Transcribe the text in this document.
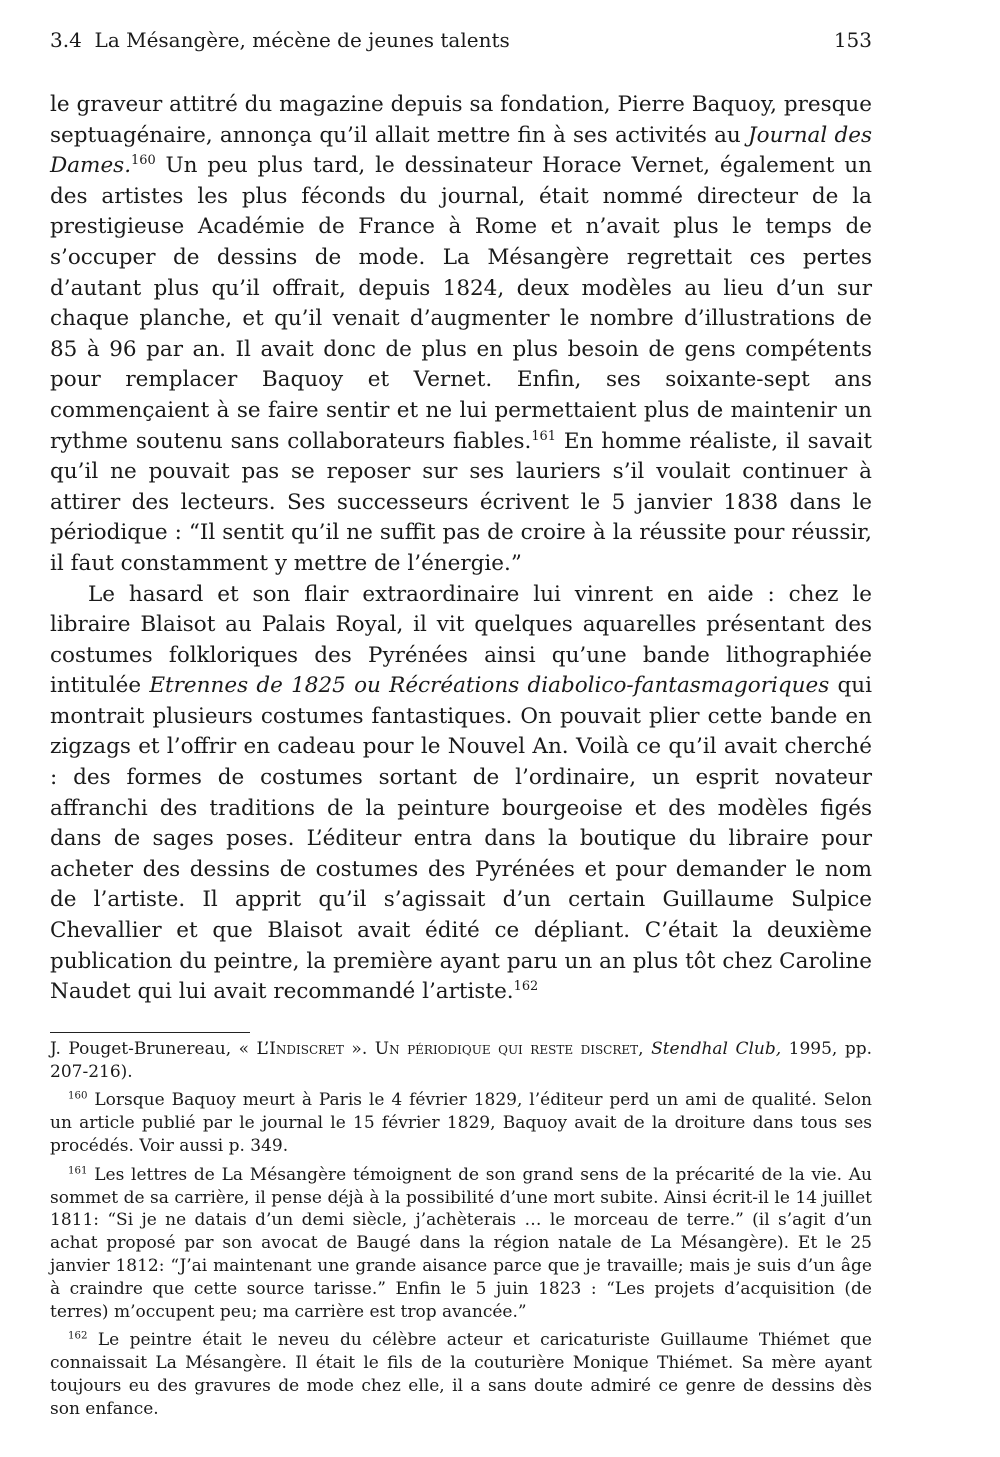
3.4 La Mésangère, mécène de jeunes talents	153

le graveur attitré du magazine depuis sa fondation, Pierre Baquoy, presque septuagénaire, annonça qu’il allait mettre fin à ses activités au Journal des Dames.$^{160}$ Un peu plus tard, le dessinateur Horace Vernet, également un des artistes les plus féconds du journal, était nommé directeur de la prestigieuse Académie de France à Rome et n’avait plus le temps de s’occuper de dessins de mode. La Mésangère regrettait ces pertes d’autant plus qu’il offrait, depuis 1824, deux modèles au lieu d’un sur chaque planche, et qu’il venait d’augmenter le nombre d’illustrations de 85 à 96 par an. Il avait donc de plus en plus besoin de gens compétents pour remplacer Baquoy et Vernet. Enfin, ses soixante-sept ans commençaient à se faire sentir et ne lui permettaient plus de maintenir un rythme soutenu sans collaborateurs fiables.$^{161}$ En homme réaliste, il savait qu’il ne pouvait pas se reposer sur ses lauriers s’il voulait continuer à attirer des lecteurs. Ses successeurs écrivent le 5 janvier 1838 dans le périodique : “Il sentit qu’il ne suffit pas de croire à la réussite pour réussir, il faut constamment y mettre de l’énergie.”

Le hasard et son flair extraordinaire lui vinrent en aide : chez le libraire Blaisot au Palais Royal, il vit quelques aquarelles présentant des costumes folkloriques des Pyrénées ainsi qu’une bande lithographiée intitulée Etrennes de 1825 ou Récréations diabolico-fantasmagoriques qui montrait plusieurs costumes fantastiques. On pouvait plier cette bande en zigzags et l’offrir en cadeau pour le Nouvel An. Voilà ce qu’il avait cherché : des formes de costumes sortant de l’ordinaire, un esprit novateur affranchi des traditions de la peinture bourgeoise et des modèles figés dans de sages poses. L’éditeur entra dans la boutique du libraire pour acheter des dessins de costumes des Pyrénées et pour demander le nom de l’artiste. Il apprit qu’il s’agissait d’un certain Guillaume Sulpice Chevallier et que Blaisot avait édité ce dépliant. C’était la deuxième publication du peintre, la première ayant paru un an plus tôt chez Caroline Naudet qui lui avait recommandé l’artiste.$^{162}$

J. Pouget-Brunereau, « L’Indiscret ». Un périodique qui reste discret, Stendhal Club, 1995, pp. 207-216).

$^{160}$ Lorsque Baquoy meurt à Paris le 4 février 1829, l’éditeur perd un ami de qualité. Selon un article publié par le journal le 15 février 1829, Baquoy avait de la droiture dans tous ses procédés. Voir aussi p. 349.

$^{161}$ Les lettres de La Mésangère témoignent de son grand sens de la précarité de la vie. Au sommet de sa carrière, il pense déjà à la possibilité d’une mort subite. Ainsi écrit-il le 14 juillet 1811: “Si je ne datais d’un demi siècle, j’achèterais … le morceau de terre.” (il s’agit d’un achat proposé par son avocat de Baugé dans la région natale de La Mésangère). Et le 25 janvier 1812: “J’ai maintenant une grande aisance parce que je travaille; mais je suis d’un âge à craindre que cette source tarisse.” Enfin le 5 juin 1823 : “Les projets d’acquisition (de terres) m’occupent peu; ma carrière est trop avancée.”

$^{162}$ Le peintre était le neveu du célèbre acteur et caricaturiste Guillaume Thiémet que connaissait La Mésangère. Il était le fils de la couturière Monique Thiémet. Sa mère ayant toujours eu des gravures de mode chez elle, il a sans doute admiré ce genre de dessins dès son enfance.
